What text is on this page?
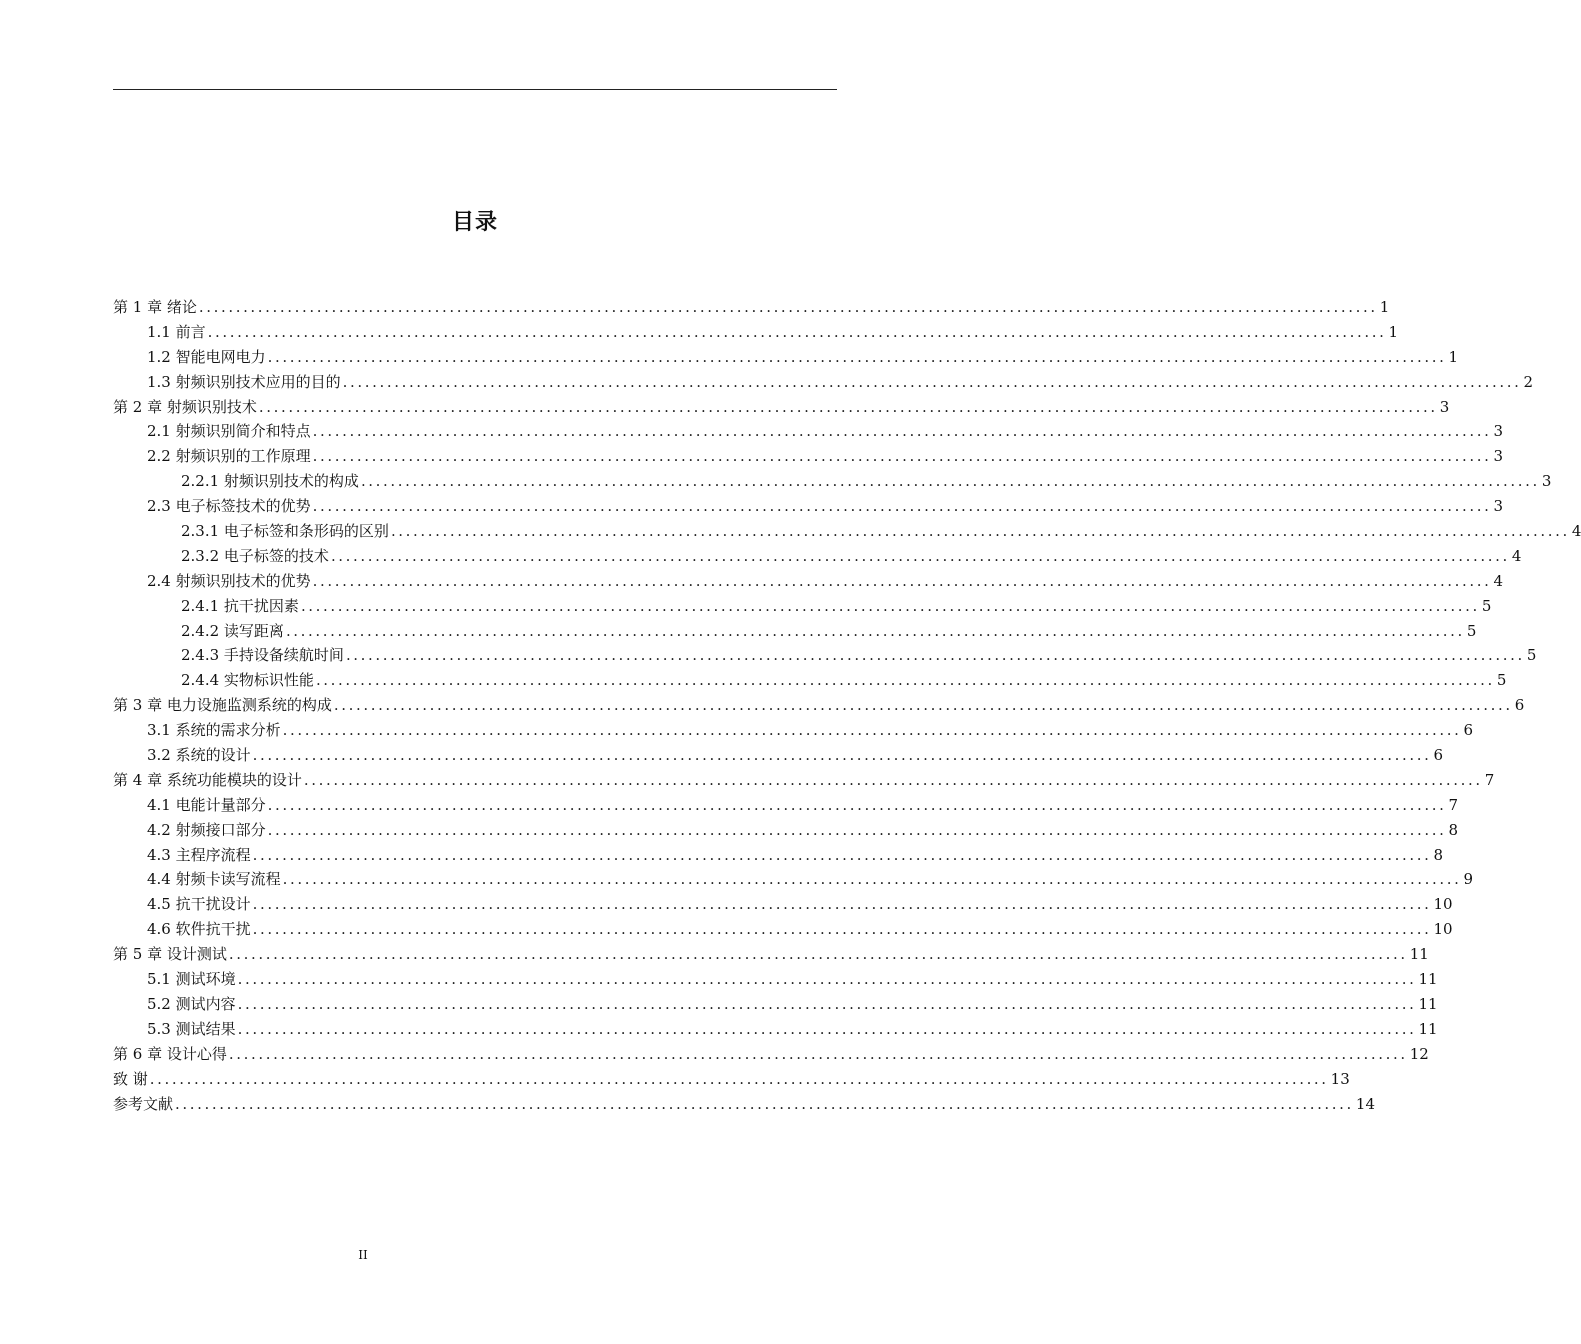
目录
第 1 章 绪论 ................................................................................................................................................................ 1
1.1 前言 ................................................................................................................................................................ 1
1.2 智能电网电力 ................................................................................................................................................................ 1
1.3 射频识别技术应用的目的 ................................................................................................................................................................ 2
第 2 章 射频识别技术 ................................................................................................................................................................ 3
2.1 射频识别简介和特点 ................................................................................................................................................................ 3
2.2 射频识别的工作原理 ................................................................................................................................................................ 3
2.2.1 射频识别技术的构成 ................................................................................................................................................................ 3
2.3 电子标签技术的优势 ................................................................................................................................................................ 3
2.3.1 电子标签和条形码的区别 ................................................................................................................................................................ 4
2.3.2 电子标签的技术 ................................................................................................................................................................ 4
2.4 射频识别技术的优势 ................................................................................................................................................................ 4
2.4.1 抗干扰因素 ................................................................................................................................................................ 5
2.4.2 读写距离 ................................................................................................................................................................ 5
2.4.3 手持设备续航时间 ................................................................................................................................................................ 5
2.4.4 实物标识性能 ................................................................................................................................................................ 5
第 3 章 电力设施监测系统的构成 ................................................................................................................................................................ 6
3.1 系统的需求分析 ................................................................................................................................................................ 6
3.2 系统的设计 ................................................................................................................................................................ 6
第 4 章 系统功能模块的设计 ................................................................................................................................................................ 7
4.1 电能计量部分 ................................................................................................................................................................ 7
4.2 射频接口部分 ................................................................................................................................................................ 8
4.3 主程序流程 ................................................................................................................................................................ 8
4.4 射频卡读写流程 ................................................................................................................................................................ 9
4.5 抗干扰设计 ................................................................................................................................................................ 10
4.6 软件抗干扰 ................................................................................................................................................................ 10
第 5 章 设计测试 ................................................................................................................................................................ 11
5.1 测试环境 ................................................................................................................................................................ 11
5.2 测试内容 ................................................................................................................................................................ 11
5.3 测试结果 ................................................................................................................................................................ 11
第 6 章 设计心得 ................................................................................................................................................................ 12
致 谢 ................................................................................................................................................................ 13
参考文献 ................................................................................................................................................................ 14
II
